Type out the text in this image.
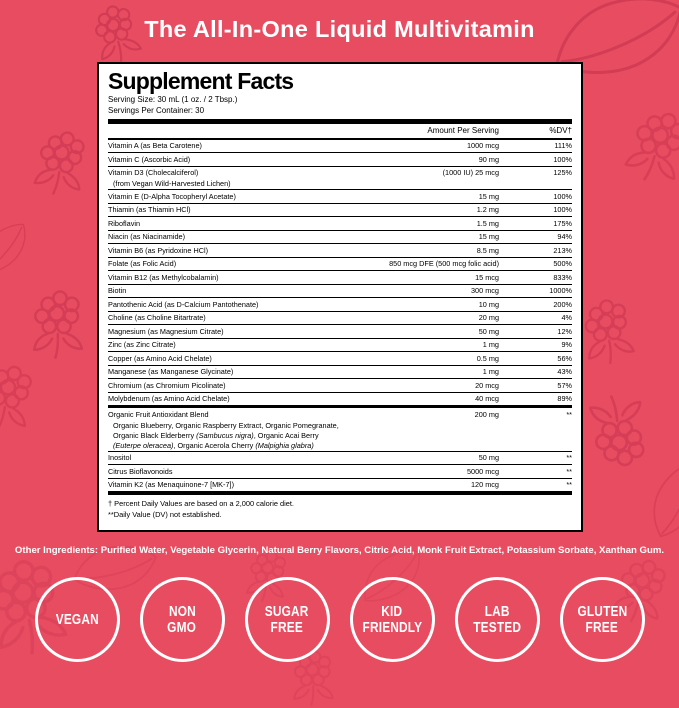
The All-In-One Liquid Multivitamin
Supplement Facts
Serving Size: 30 mL (1 oz. / 2 Tbsp.)
Servings Per Container: 30
Amount Per Serving	%DV†
Vitamin A (as Beta Carotene)	1000 mcg	111%
Vitamin C (Ascorbic Acid)	90 mg	100%
Vitamin D3 (Cholecalciferol)	(1000 IU) 25 mcg	125%
(from Vegan Wild-Harvested Lichen)
Vitamin E (D-Alpha Tocopheryl Acetate)	15 mg	100%
Thiamin (as Thiamin HCl)	1.2 mg	100%
Riboflavin	1.5 mg	175%
Niacin (as Niacinamide)	15 mg	94%
Vitamin B6 (as Pyridoxine HCl)	8.5 mg	213%
Folate (as Folic Acid)	850 mcg DFE (500 mcg folic acid)	500%
Vitamin B12 (as Methylcobalamin)	15 mcg	833%
Biotin	300 mcg	1000%
Pantothenic Acid (as D-Calcium Pantothenate)	10 mg	200%
Choline (as Choline Bitartrate)	20 mg	4%
Magnesium (as Magnesium Citrate)	50 mg	12%
Zinc (as Zinc Citrate)	1 mg	9%
Copper (as Amino Acid Chelate)	0.5 mg	56%
Manganese (as Manganese Glycinate)	1 mg	43%
Chromium (as Chromium Picolinate)	20 mcg	57%
Molybdenum (as Amino Acid Chelate)	40 mcg	89%
Organic Fruit Antioxidant Blend	200 mg	**
Organic Blueberry, Organic Raspberry Extract, Organic Pomegranate,
Organic Black Elderberry (Sambucus nigra), Organic Acai Berry
(Euterpe oleracea), Organic Acerola Cherry (Malpighia glabra)
Inositol	50 mg	**
Citrus Bioflavonoids	5000 mcg	**
Vitamin K2 (as Menaquinone-7 [MK-7])	120 mcg	**
† Percent Daily Values are based on a 2,000 calorie diet.
**Daily Value (DV) not established.
Other Ingredients: Purified Water, Vegetable Glycerin, Natural Berry Flavors, Citric Acid, Monk Fruit Extract, Potassium Sorbate, Xanthan Gum.
VEGAN	NON
GMO
SUGAR
FREE
KID
FRIENDLY
LAB
TESTED
GLUTEN
FREE
